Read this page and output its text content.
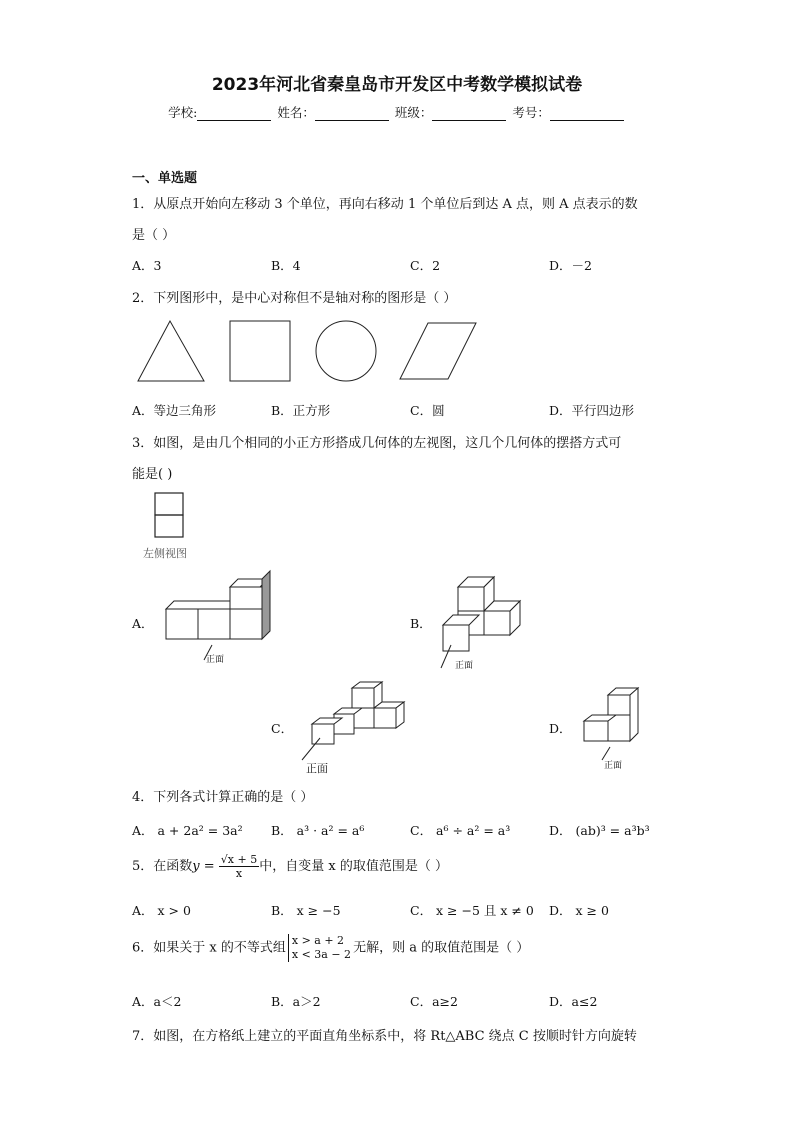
2023年河北省秦皇岛市开发区中考数学模拟试卷
学校:	姓名：	班级：	考号：
一、单选题
1．从原点开始向左移动 3 个单位，再向右移动 1 个单位后到达 A 点，则 A 点表示的数
是（ ）
A．3	B．4	C．2	D．－2
2．下列图形中，是中心对称但不是轴对称的图形是（ ）
A．等边三角形	B．正方形	C．圆	D．平行四边形
3．如图，是由几个相同的小正方形搭成几何体的左视图，这几个几何体的摆搭方式可
能是( )
左侧视图
A．
正面
B．
正面
C．
正面
D．
正面
4．下列各式计算正确的是（ ）
A． a + 2a² = 3a² B． a³ · a² = a⁶	C． a⁶ ÷ a² = a³	D． (ab)³ = a³b³
5．在函数$y = \frac{√x + 5}{x}$ 中，自变量 x 的取值范围是（ ）
A． x > 0	B． x ≥ −5	C． x ≥ −5 且 x ≠ 0 D． x ≥ 0
6．如果关于 x 的不等式组 x > a + 2
x < 3a − 2 无解，则 a 的取值范围是（ ）
A．a＜2	B．a＞2	C．a≥2	D．a≤2
7．如图，在方格纸上建立的平面直角坐标系中，将 Rt△ABC 绕点 C 按顺时针方向旋转
